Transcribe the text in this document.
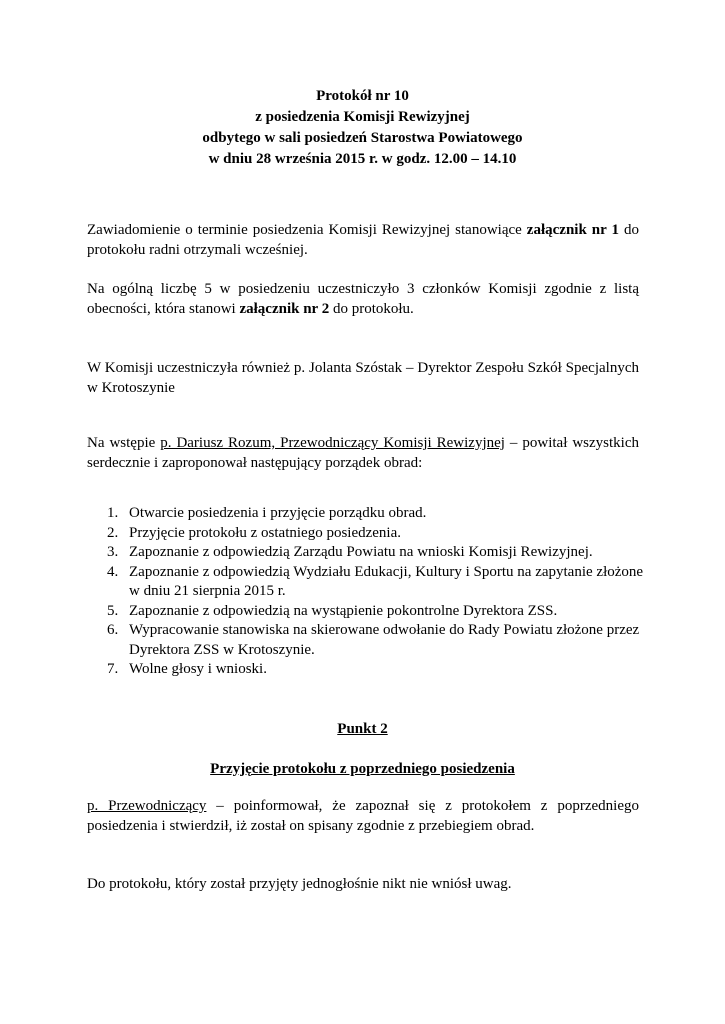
Protokół nr 10
z posiedzenia Komisji Rewizyjnej
odbytego w sali posiedzeń Starostwa Powiatowego
w dniu 28 września 2015 r. w godz. 12.00 – 14.10
Zawiadomienie o terminie posiedzenia Komisji Rewizyjnej stanowiące załącznik nr 1 do protokołu radni otrzymali wcześniej.
Na ogólną liczbę 5 w posiedzeniu uczestniczyło 3 członków Komisji zgodnie z listą obecności, która stanowi załącznik nr 2 do protokołu.
W Komisji uczestniczyła również p. Jolanta Szóstak – Dyrektor Zespołu Szkół Specjalnych w Krotoszynie
Na wstępie p. Dariusz Rozum, Przewodniczący Komisji Rewizyjnej – powitał wszystkich serdecznie i zaproponował następujący porządek obrad:
1. Otwarcie posiedzenia i przyjęcie porządku obrad.
2. Przyjęcie protokołu z ostatniego posiedzenia.
3. Zapoznanie z odpowiedzią Zarządu Powiatu na wnioski Komisji Rewizyjnej.
4. Zapoznanie z odpowiedzią Wydziału Edukacji, Kultury i Sportu na zapytanie złożone w dniu 21 sierpnia 2015 r.
5. Zapoznanie z odpowiedzią na wystąpienie pokontrolne Dyrektora ZSS.
6. Wypracowanie stanowiska na skierowane odwołanie do Rady Powiatu złożone przez Dyrektora ZSS w Krotoszynie.
7. Wolne głosy i wnioski.
Punkt 2
Przyjęcie protokołu z poprzedniego posiedzenia
p. Przewodniczący – poinformował, że zapoznał się z protokołem z poprzedniego posiedzenia i stwierdził, iż został on spisany zgodnie z przebiegiem obrad.
Do protokołu, który został przyjęty jednogłośnie nikt nie wniósł uwag.
